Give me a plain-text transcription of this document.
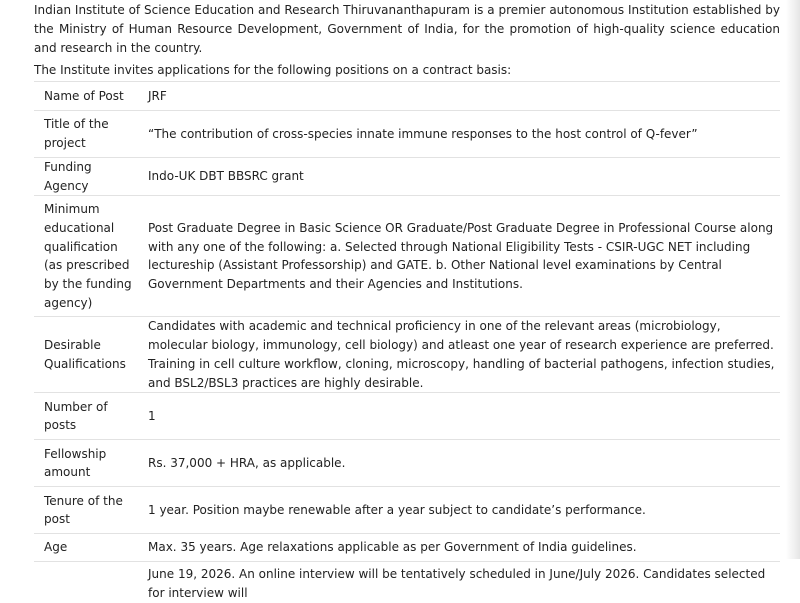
Indian Institute of Science Education and Research Thiruvananthapuram is a premier autonomous Institution established by the Ministry of Human Resource Development, Government of India, for the promotion of high-quality science education and research in the country.

The Institute invites applications for the following positions on a contract basis:

Name of Post	JRF
Title of the project	“The contribution of cross-species innate immune responses to the host control of Q-fever”
Funding Agency	Indo-UK DBT BBSRC grant
Minimum educational qualification (as prescribed by the funding agency)	Post Graduate Degree in Basic Science OR Graduate/Post Graduate Degree in Professional Course along with any one of the following: a. Selected through National Eligibility Tests - CSIR-UGC NET including lectureship (Assistant Professorship) and GATE. b. Other National level examinations by Central Government Departments and their Agencies and Institutions.
Desirable Qualifications	Candidates with academic and technical proficiency in one of the relevant areas (microbiology, molecular biology, immunology, cell biology) and atleast one year of research experience are preferred. Training in cell culture workflow, cloning, microscopy, handling of bacterial pathogens, infection studies, and BSL2/BSL3 practices are highly desirable.
Number of posts	1
Fellowship amount	Rs. 37,000 + HRA, as applicable.
Tenure of the post	1 year. Position maybe renewable after a year subject to candidate’s performance.
Age	Max. 35 years. Age relaxations applicable as per Government of India guidelines.
	June 19, 2026. An online interview will be tentatively scheduled in June/July 2026. Candidates selected for interview will
